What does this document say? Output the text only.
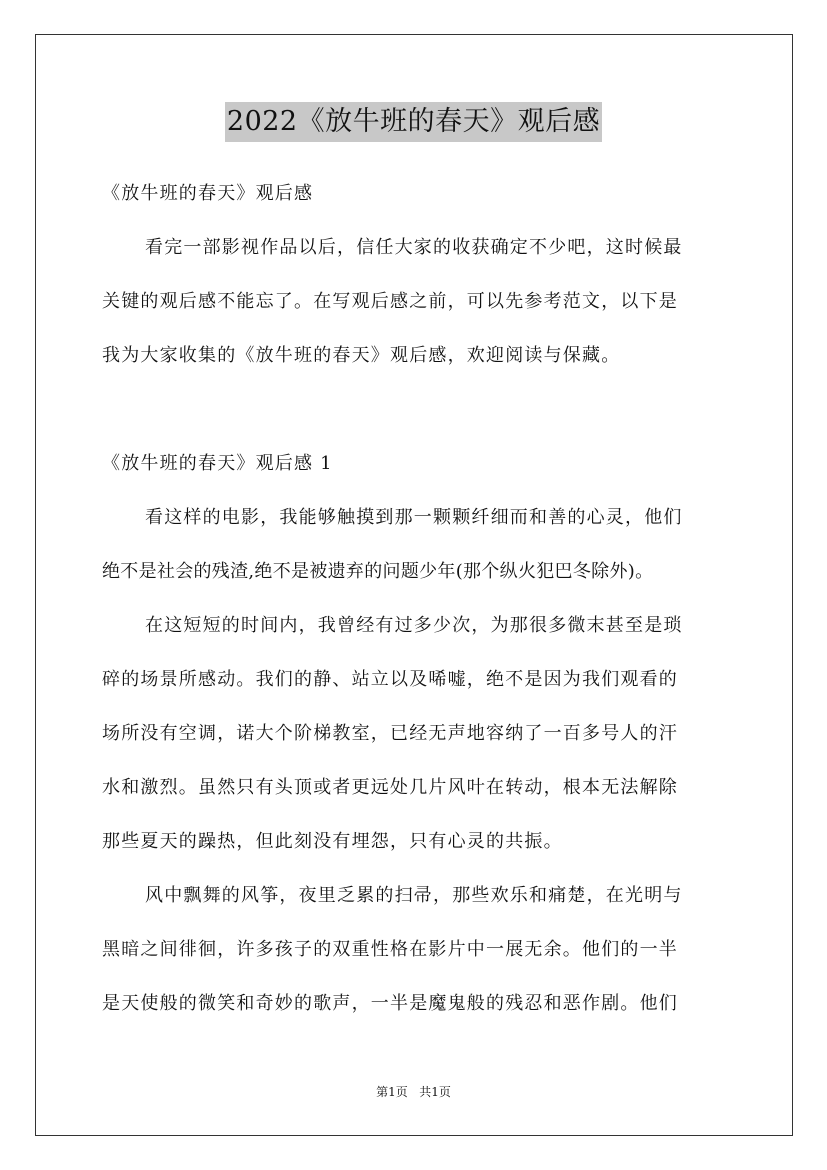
2022《放牛班的春天》观后感
《放牛班的春天》观后感
看完一部影视作品以后，信任大家的收获确定不少吧，这时候最
关键的观后感不能忘了。在写观后感之前，可以先参考范文，以下是
我为大家收集的《放牛班的春天》观后感，欢迎阅读与保藏。
《放牛班的春天》观后感 1
看这样的电影，我能够触摸到那一颗颗纤细而和善的心灵，他们
绝不是社会的残渣,绝不是被遗弃的问题少年(那个纵火犯巴冬除外)。
在这短短的时间内，我曾经有过多少次，为那很多微末甚至是琐
碎的场景所感动。我们的静、站立以及唏嘘，绝不是因为我们观看的
场所没有空调，诺大个阶梯教室，已经无声地容纳了一百多号人的汗
水和激烈。虽然只有头顶或者更远处几片风叶在转动，根本无法解除
那些夏天的躁热，但此刻没有埋怨，只有心灵的共振。
风中飘舞的风筝，夜里乏累的扫帚，那些欢乐和痛楚，在光明与
黑暗之间徘徊，许多孩子的双重性格在影片中一展无余。他们的一半
是天使般的微笑和奇妙的歌声，一半是魔鬼般的残忍和恶作剧。他们
第1页   共1页
